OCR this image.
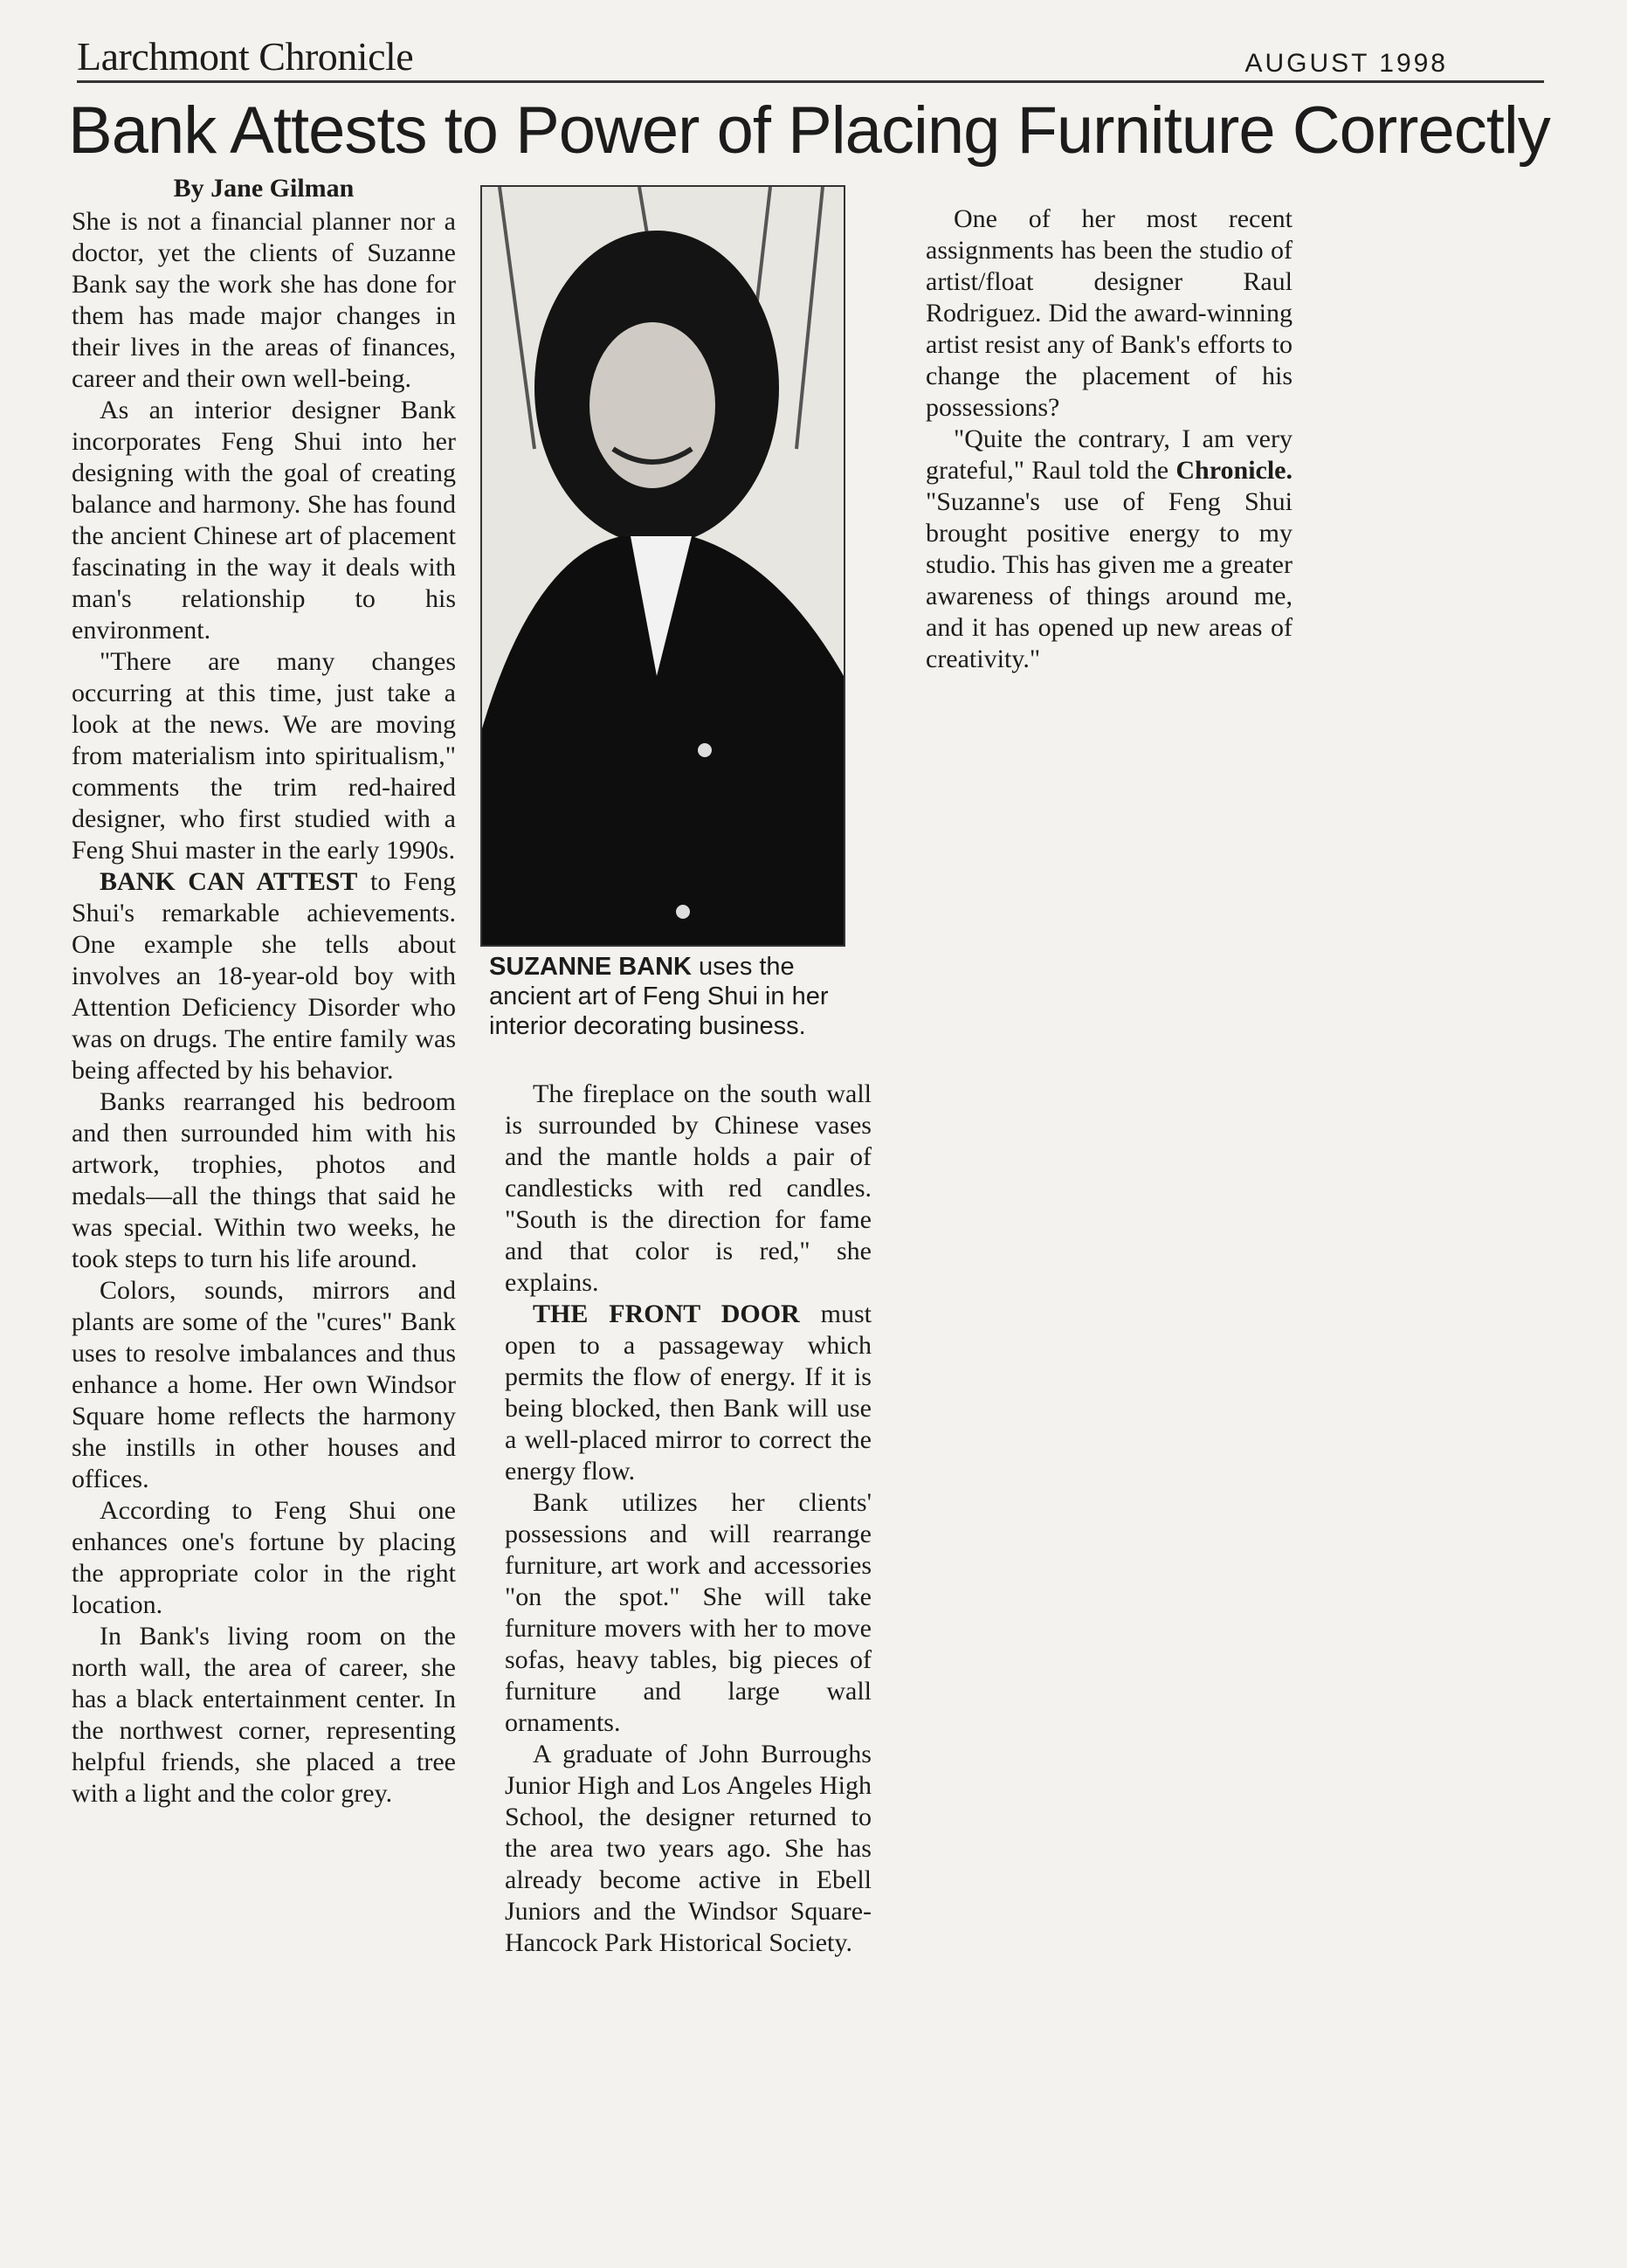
Larchmont Chronicle	AUGUST 1998
Bank Attests to Power of Placing Furniture Correctly

By Jane Gilman

She is not a financial planner nor a doctor, yet the clients of Suzanne Bank say the work she has done for them has made major changes in their lives in the areas of finances, career and their own well-being.

As an interior designer Bank incorporates Feng Shui into her designing with the goal of creating balance and harmony. She has found the ancient Chinese art of placement fascinating in the way it deals with man's relationship to his environment.

"There are many changes occurring at this time, just take a look at the news. We are moving from materialism into spiritualism," comments the trim red-haired designer, who first studied with a Feng Shui master in the early 1990s.

BANK CAN ATTEST to Feng Shui's remarkable achievements. One example she tells about involves an 18-year-old boy with Attention Deficiency Disorder who was on drugs. The entire family was being affected by his behavior.

Banks rearranged his bedroom and then surrounded him with his artwork, trophies, photos and medals—all the things that said he was special. Within two weeks, he took steps to turn his life around.

Colors, sounds, mirrors and plants are some of the "cures" Bank uses to resolve imbalances and thus enhance a home. Her own Windsor Square home reflects the harmony she instills in other houses and offices.

According to Feng Shui one enhances one's fortune by placing the appropriate color in the right location.

In Bank's living room on the north wall, the area of career, she has a black entertainment center. In the northwest corner, representing helpful friends, she placed a tree with a light and the color grey.

SUZANNE BANK uses the ancient art of Feng Shui in her interior decorating business.

The fireplace on the south wall is surrounded by Chinese vases and the mantle holds a pair of candlesticks with red candles. "South is the direction for fame and that color is red," she explains.

THE FRONT DOOR must open to a passageway which permits the flow of energy. If it is being blocked, then Bank will use a well-placed mirror to correct the energy flow.

Bank utilizes her clients' possessions and will rearrange furniture, art work and accessories "on the spot." She will take furniture movers with her to move sofas, heavy tables, big pieces of furniture and large wall ornaments.

A graduate of John Burroughs Junior High and Los Angeles High School, the designer returned to the area two years ago. She has already become active in Ebell Juniors and the Windsor Square-Hancock Park Historical Society.

One of her most recent assignments has been the studio of artist/float designer Raul Rodriguez. Did the award-winning artist resist any of Bank's efforts to change the placement of his possessions?

"Quite the contrary, I am very grateful," Raul told the Chronicle. "Suzanne's use of Feng Shui brought positive energy to my studio. This has given me a greater awareness of things around me, and it has opened up new areas of creativity."
